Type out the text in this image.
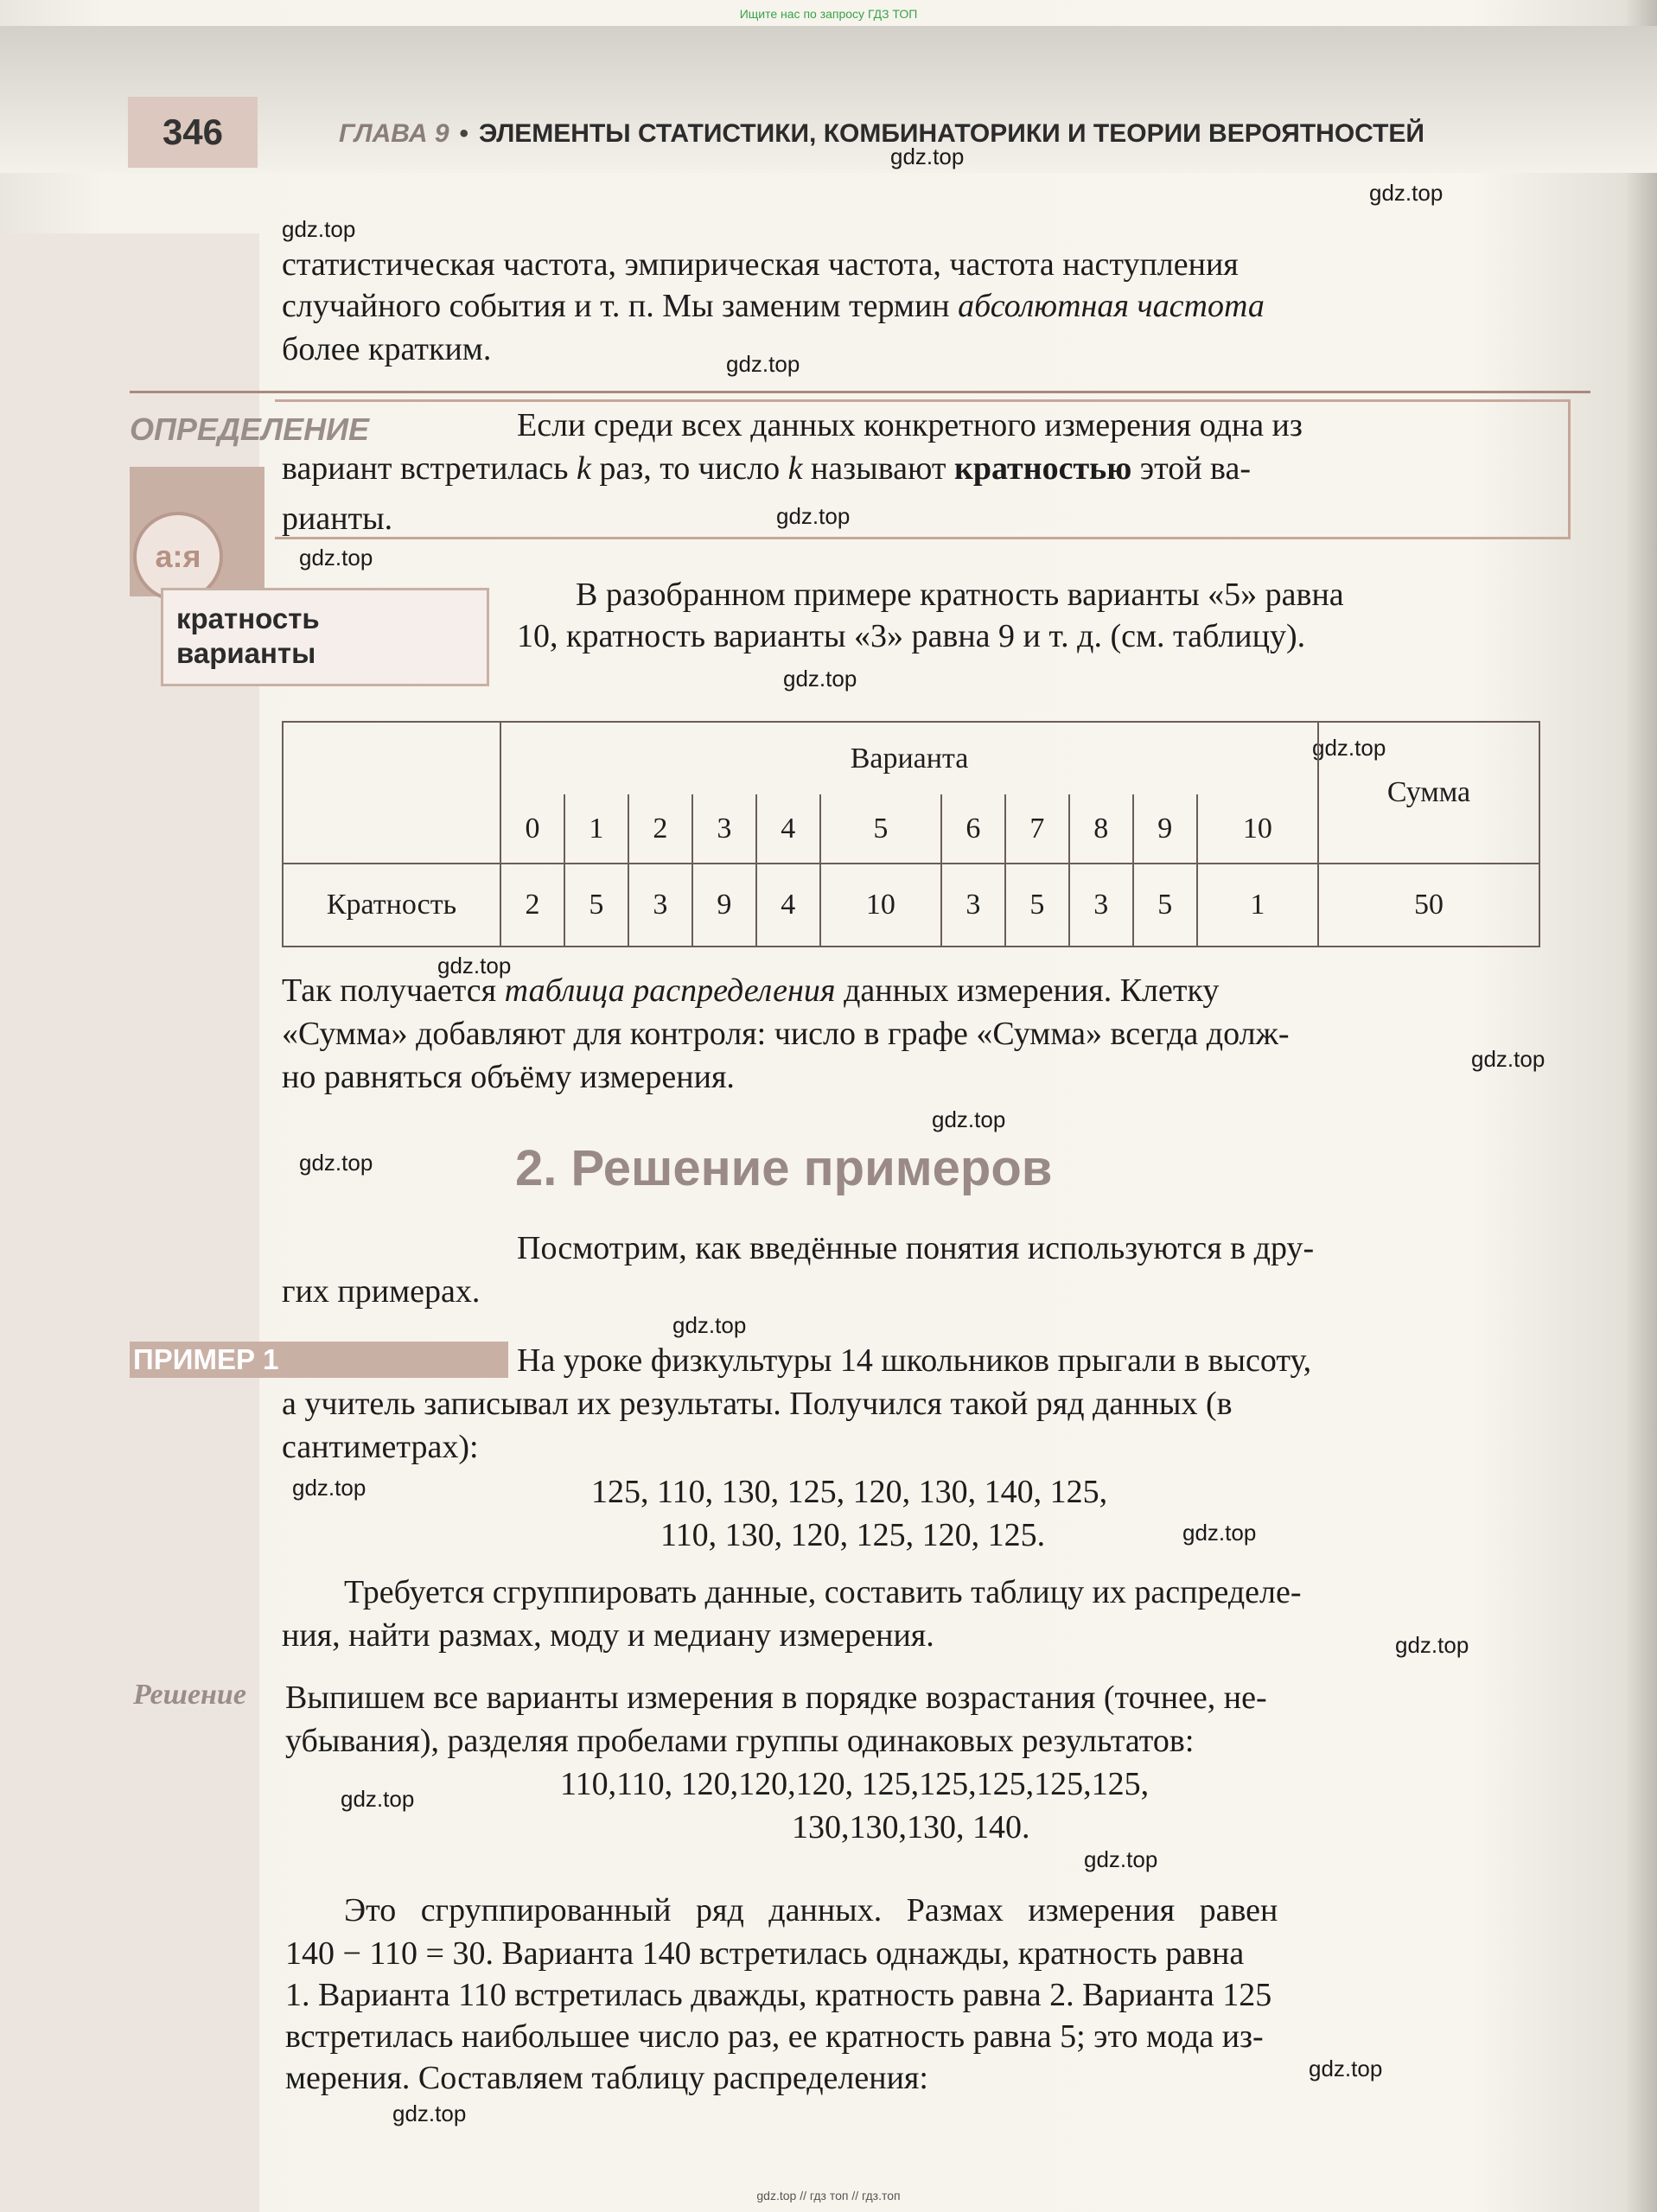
Ищите нас по запросу ГДЗ ТОП
346	ГЛАВА 9 • ЭЛЕМЕНТЫ СТАТИСТИКИ, КОМБИНАТОРИКИ И ТЕОРИИ ВЕРОЯТНОСТЕЙ
gdz.top
gdz.top
gdz.top
gdz.top
gdz.top
gdz.top
gdz.top
gdz.top
gdz.top
gdz.top
gdz.top
gdz.top
gdz.top
gdz.top
gdz.top
gdz.top
gdz.top
gdz.top
gdz.top
gdz.top
статистическая частота, эмпирическая частота, частота наступления
случайного события и т. п. Мы заменим термин абсолютная частота
более кратким.
ОПРЕДЕЛЕНИЕ
а:я
Если среди всех данных конкретного измерения одна из
вариант встретилась k раз, то число k называют кратностью этой ва-
рианты.
кратность
варианты
В разобранном примере кратность варианты «5» равна
10, кратность варианты «3» равна 9 и т. д. (см. таблицу).
	Варианта											Сумма
	0	1	2	3	4	5	6	7	8	9	10	
Кратность	2	5	3	9	4	10	3	5	3	5	1	50
Так получается таблица распределения данных измерения. Клетку
«Сумма» добавляют для контроля: число в графе «Сумма» всегда долж-
но равняться объёму измерения.
2. Решение примеров
Посмотрим, как введённые понятия используются в дру-
гих примерах.
ПРИМЕР 1	На уроке физкультуры 14 школьников прыгали в высоту,
а учитель записывал их результаты. Получился такой ряд данных (в
сантиметрах):
125, 110, 130, 125, 120, 130, 140, 125,
110, 130, 120, 125, 120, 125.
Требуется сгруппировать данные, составить таблицу их распределе-
ния, найти размах, моду и медиану измерения.
Решение Выпишем все варианты измерения в порядке возрастания (точнее, не-
убывания), разделяя пробелами группы одинаковых результатов:
110,110, 120,120,120, 125,125,125,125,125,
130,130,130, 140.
Это   сгруппированный   ряд   данных.   Размах   измерения   равен
140 − 110 = 30. Варианта 140 встретилась однажды, кратность равна
1. Варианта 110 встретилась дважды, кратность равна 2. Варианта 125
встретилась наибольшее число раз, ее кратность равна 5; это мода из-
мерения. Составляем таблицу распределения:
gdz.top // гдз топ // гдз.топ
